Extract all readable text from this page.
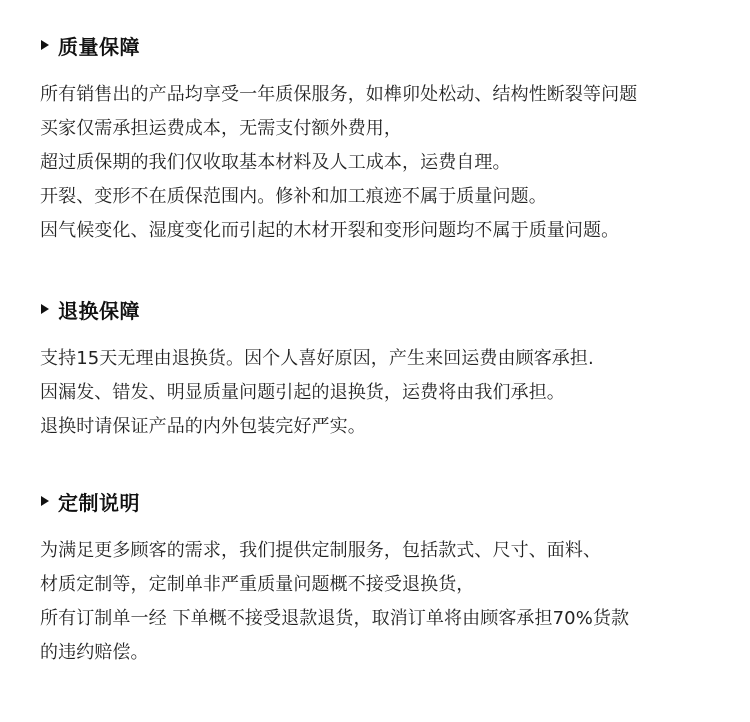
质量保障
所有销售出的产品均享受一年质保服务，如榫卯处松动、结构性断裂等问题
买家仅需承担运费成本，无需支付额外费用，
超过质保期的我们仅收取基本材料及人工成本，运费自理。
开裂、变形不在质保范围内。修补和加工痕迹不属于质量问题。
因气候变化、湿度变化而引起的木材开裂和变形问题均不属于质量问题。
退换保障
支持15天无理由退换货。因个人喜好原因，产生来回运费由顾客承担.
因漏发、错发、明显质量问题引起的退换货，运费将由我们承担。
退换时请保证产品的内外包装完好严实。
定制说明
为满足更多顾客的需求，我们提供定制服务，包括款式、尺寸、面料、
材质定制等，定制单非严重质量问题概不接受退换货，
所有订制单一经 下单概不接受退款退货，取消订单将由顾客承担70%货款
的违约赔偿。
